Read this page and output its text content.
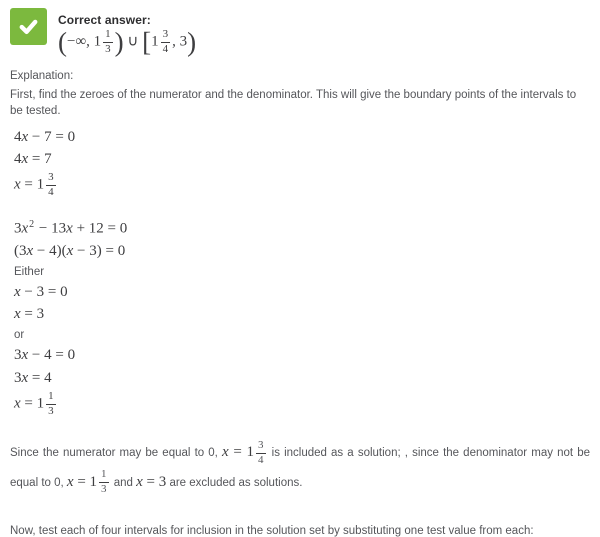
Correct answer:
(−∞, $1 \frac{1}{3}$ ) ∪ [$1 \frac{3}{4}$ , 3)
Explanation:

First, find the zeroes of the numerator and the denominator. This will give the boundary points of the intervals to be tested.

4x − 7 = 0
4x = 7
$x = 1 \frac{3}{4}$
$3x^2 - 13x + 12 = 0$
(3x − 4)(x − 3) = 0
Either
x − 3 = 0
x = 3
or
3x − 4 = 0
3x = 4
$x = 1 \frac{1}{3}$

Since the numerator may be equal to 0, $x = 1 \frac{3}{4}$ is included as a solution; , since the denominator may not be equal to 0, $x = 1 \frac{1}{3}$ and x = 3 are excluded as solutions.

Now, test each of four intervals for inclusion in the solution set by substituting one test value from each:
